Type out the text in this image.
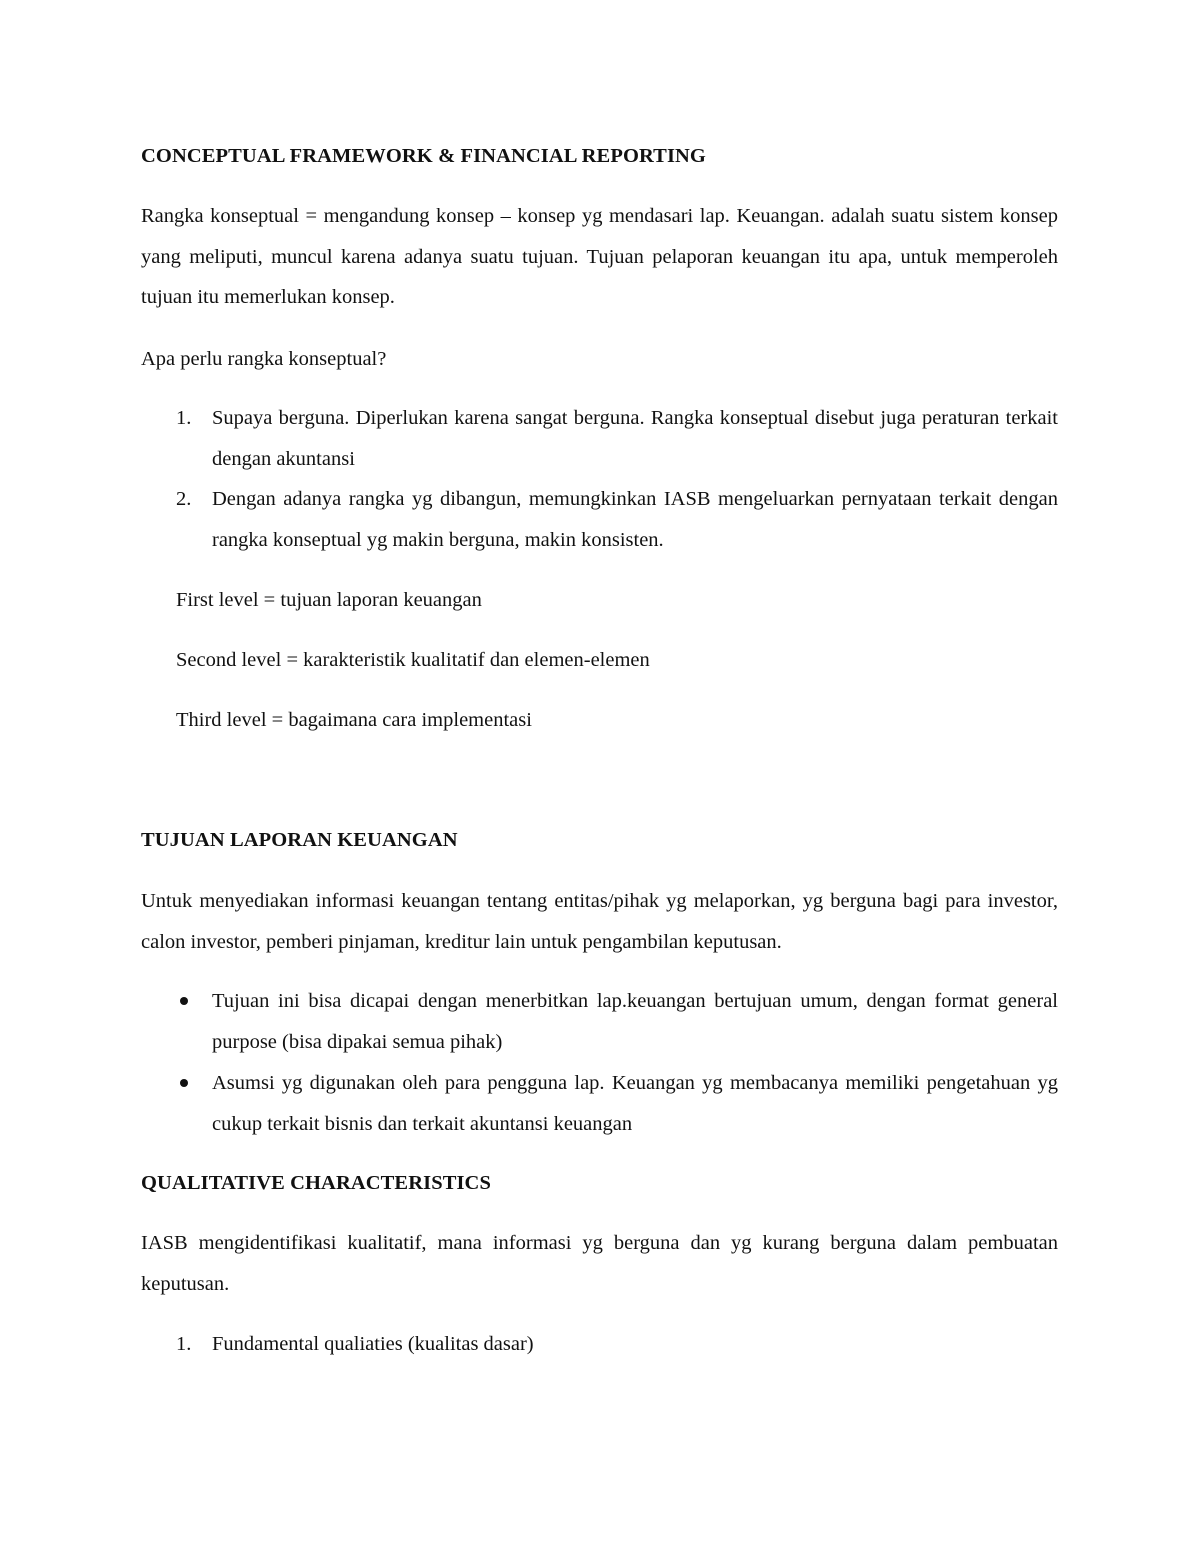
CONCEPTUAL FRAMEWORK & FINANCIAL REPORTING
Rangka konseptual = mengandung konsep – konsep yg mendasari lap. Keuangan. adalah suatu sistem konsep yang meliputi, muncul karena adanya suatu tujuan. Tujuan pelaporan keuangan itu apa, untuk memperoleh tujuan itu memerlukan konsep.
Apa perlu rangka konseptual?
1. Supaya berguna. Diperlukan karena sangat berguna. Rangka konseptual disebut juga peraturan terkait dengan akuntansi
2. Dengan adanya rangka yg dibangun, memungkinkan IASB mengeluarkan pernyataan terkait dengan rangka konseptual yg makin berguna, makin konsisten.
First level = tujuan laporan keuangan
Second level = karakteristik kualitatif dan elemen-elemen
Third level = bagaimana cara implementasi
TUJUAN LAPORAN KEUANGAN
Untuk menyediakan informasi keuangan tentang entitas/pihak yg melaporkan, yg berguna bagi para investor, calon investor, pemberi pinjaman, kreditur lain untuk pengambilan keputusan.
Tujuan ini bisa dicapai dengan menerbitkan lap.keuangan bertujuan umum, dengan format general purpose (bisa dipakai semua pihak)
Asumsi yg digunakan oleh para pengguna lap. Keuangan yg membacanya memiliki pengetahuan yg cukup terkait bisnis dan terkait akuntansi keuangan
QUALITATIVE CHARACTERISTICS
IASB mengidentifikasi kualitatif, mana informasi yg berguna dan yg kurang berguna dalam pembuatan keputusan.
1. Fundamental qualiaties (kualitas dasar)
